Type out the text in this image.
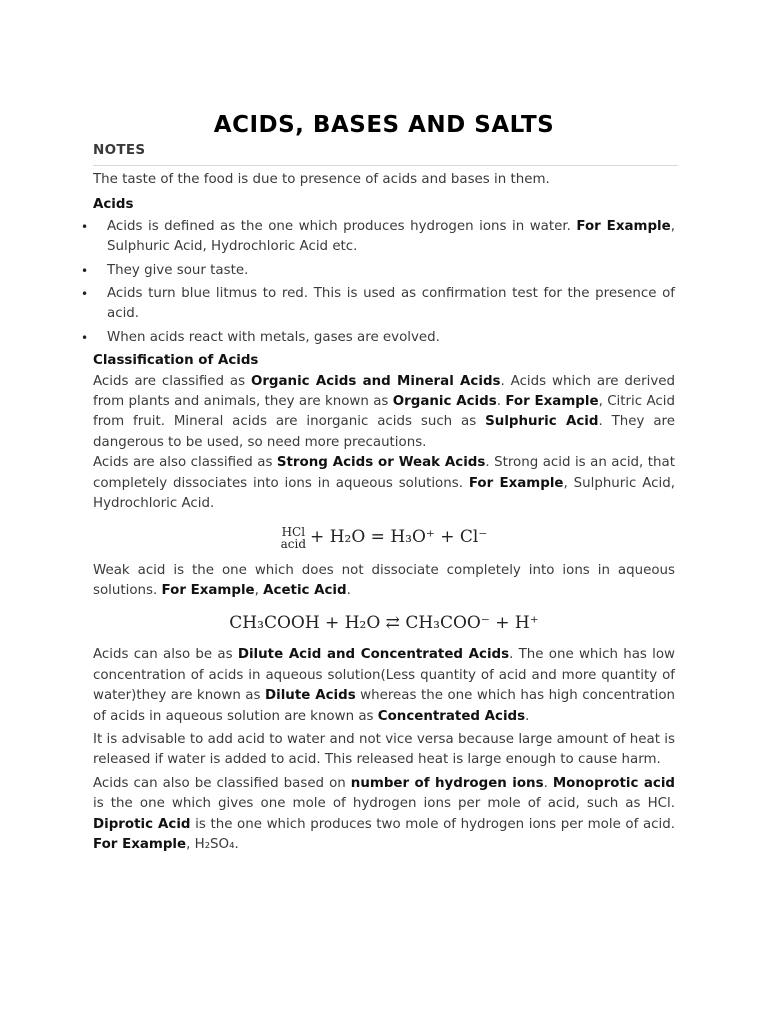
ACIDS, BASES AND SALTS
NOTES

The taste of the food is due to presence of acids and bases in them.

Acids
• Acids is defined as the one which produces hydrogen ions in water. For Example, Sulphuric Acid, Hydrochloric Acid etc.
• They give sour taste.
• Acids turn blue litmus to red. This is used as confirmation test for the presence of acid.
• When acids react with metals, gases are evolved.
Classification of Acids

Acids are classified as Organic Acids and Mineral Acids. Acids which are derived from plants and animals, they are known as Organic Acids. For Example, Citric Acid from fruit. Mineral acids are inorganic acids such as Sulphuric Acid. They are dangerous to be used, so need more precautions.

Acids are also classified as Strong Acids or Weak Acids. Strong acid is an acid, that completely dissociates into ions in aqueous solutions. For Example, Sulphuric Acid, Hydrochloric Acid.

HCl
acid + H₂O = H₃O⁺ + Cl⁻

Weak acid is the one which does not dissociate completely into ions in aqueous solutions. For Example, Acetic Acid.

CH₃COOH + H₂O ⇄ CH₃COO⁻ + H⁺

Acids can also be as Dilute Acid and Concentrated Acids. The one which has low concentration of acids in aqueous solution(Less quantity of acid and more quantity of water)they are known as Dilute Acids whereas the one which has high concentration of acids in aqueous solution are known as Concentrated Acids.

It is advisable to add acid to water and not vice versa because large amount of heat is released if water is added to acid. This released heat is large enough to cause harm.

Acids can also be classified based on number of hydrogen ions. Monoprotic acid is the one which gives one mole of hydrogen ions per mole of acid, such as HCl. Diprotic Acid is the one which produces two mole of hydrogen ions per mole of acid. For Example, H₂SO₄.
